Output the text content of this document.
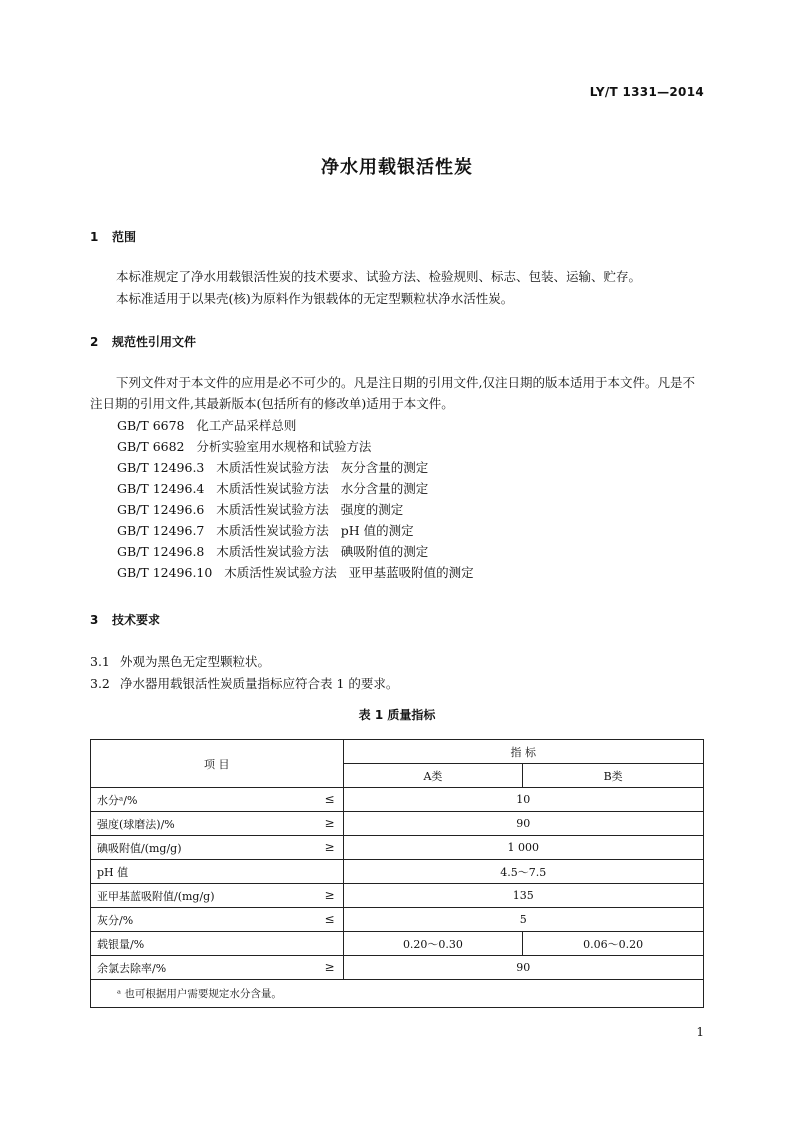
LY/T 1331—2014
净水用载银活性炭
1 范围
本标准规定了净水用载银活性炭的技术要求、试验方法、检验规则、标志、包装、运输、贮存。
本标准适用于以果壳(核)为原料作为银载体的无定型颗粒状净水活性炭。
2 规范性引用文件
下列文件对于本文件的应用是必不可少的。凡是注日期的引用文件,仅注日期的版本适用于本文件。凡是不注日期的引用文件,其最新版本(包括所有的修改单)适用于本文件。
GB/T 6678   化工产品采样总则
GB/T 6682   分析实验室用水规格和试验方法
GB/T 12496.3   木质活性炭试验方法   灰分含量的测定
GB/T 12496.4   木质活性炭试验方法   水分含量的测定
GB/T 12496.6   木质活性炭试验方法   强度的测定
GB/T 12496.7   木质活性炭试验方法   pH 值的测定
GB/T 12496.8   木质活性炭试验方法   碘吸附值的测定
GB/T 12496.10   木质活性炭试验方法   亚甲基蓝吸附值的测定
3 技术要求
3.1 外观为黑色无定型颗粒状。
3.2 净水器用载银活性炭质量指标应符合表 1 的要求。
表 1 质量指标
项 目	指 标	
	A类	B类
水分ᵃ/% ≤	10	
强度(球磨法)/% ≥	90	
碘吸附值/(mg/g) ≥	1 000	
pH 值	4.5～7.5	
亚甲基蓝吸附值/(mg/g) ≥	135	
灰分/% ≤	5	
载银量/%	0.20～0.30	0.06～0.20
余氯去除率/% ≥	90	
ᵃ 也可根据用户需要规定水分含量。		
1
